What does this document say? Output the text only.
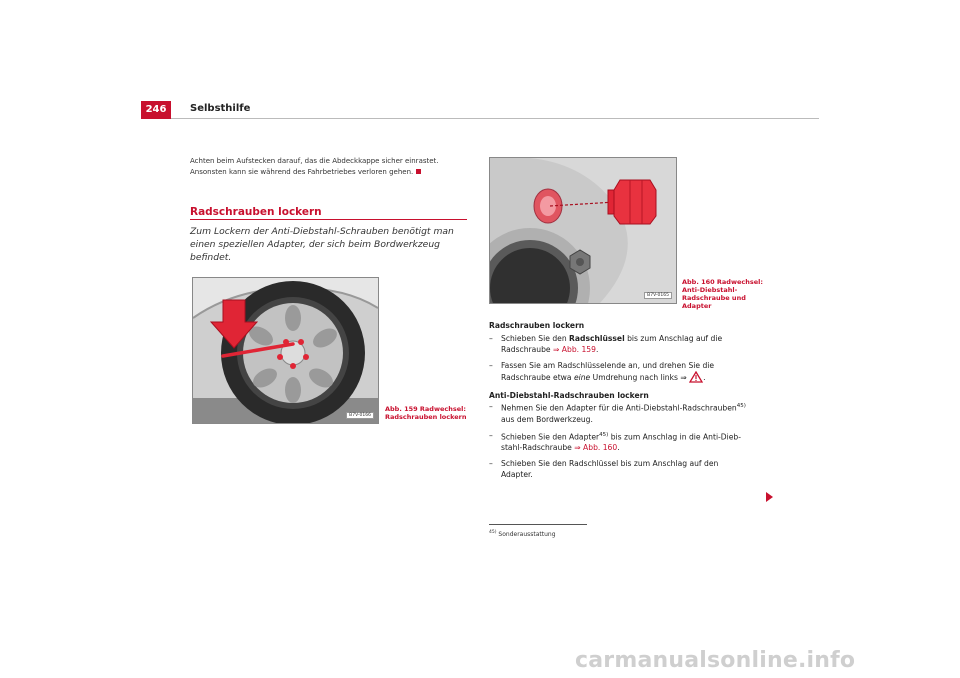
246	Selbsthilfe
Achten beim Aufstecken darauf, das die Abdeckkappe sicher einrastet.
Ansonsten kann sie während des Fahrbetriebes verloren gehen.
Radschrauben lockern
Zum Lockern der Anti-Diebstahl-Schrauben benötigt man einen speziellen Adapter, der sich beim Bordwerkzeug befindet.
B7V-0166
Abb. 159 Radwechsel:
Radschrauben lockern
B7V-0165
Abb. 160 Radwechsel:
Anti-Diebstahl-
Radschraube und Adapter
Radschrauben lockern
– Schieben Sie den Radschlüssel bis zum Anschlag auf die
Radschraube ⇒ Abb. 159.
– Fassen Sie am Radschlüsselende an, und drehen Sie die
Radschraube etwa eine Umdrehung nach links ⇒ .
Anti-Diebstahl-Radschrauben lockern
– Nehmen Sie den Adapter für die Anti-Diebstahl-Radschrauben$^{45)}$
aus dem Bordwerkzeug.
– Schieben Sie den Adapter$^{45)}$ bis zum Anschlag in die Anti-Dieb-
stahl-Radschraube ⇒ Abb. 160.
– Schieben Sie den Radschlüssel bis zum Anschlag auf den
Adapter.
$^{45)}$ Sonderausstattung
carmanualsonline.info
